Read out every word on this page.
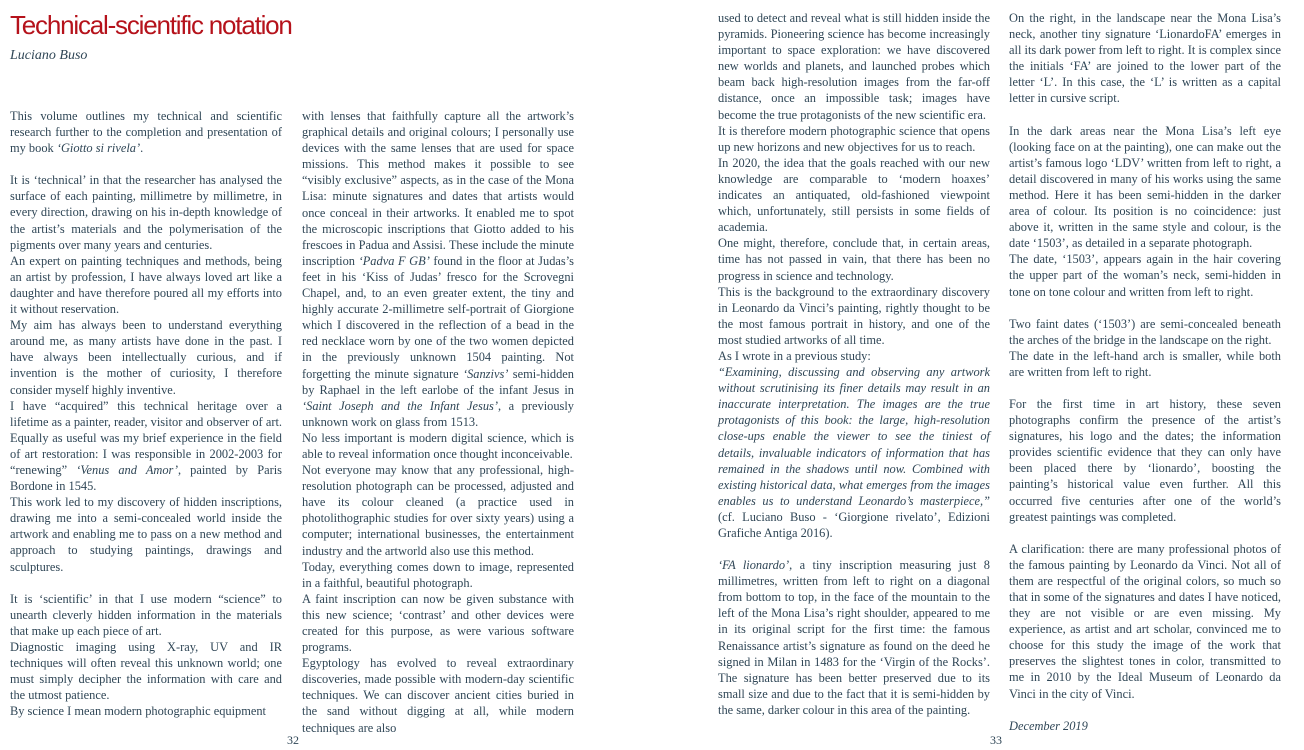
Technical-scientific notation
Luciano Buso

This volume outlines my technical and scientific research further to the completion and presentation of my book ‘Giotto si rivela’.

It is ‘technical’ in that the researcher has analysed the surface of each painting, millimetre by millimetre, in every direction, drawing on his in-depth knowledge of the artist’s materials and the polymerisation of the pigments over many years and centuries.

An expert on painting techniques and methods, being an artist by profession, I have always loved art like a daughter and have therefore poured all my efforts into it without reservation.

My aim has always been to understand everything around me, as many artists have done in the past. I have always been intellectually curious, and if invention is the mother of curiosity, I therefore consider myself highly inventive.

I have “acquired” this technical heritage over a lifetime as a painter, reader, visitor and observer of art. Equally as useful was my brief experience in the field of art restoration: I was responsible in 2002-2003 for “renewing” ‘Venus and Amor’, painted by Paris Bordone in 1545.

This work led to my discovery of hidden inscriptions, drawing me into a semi-concealed world inside the artwork and enabling me to pass on a new method and approach to studying paintings, drawings and sculptures.

It is ‘scientific’ in that I use modern “science” to unearth cleverly hidden information in the materials that make up each piece of art.

Diagnostic imaging using X-ray, UV and IR techniques will often reveal this unknown world; one must simply decipher the information with care and the utmost patience.

By science I mean modern photographic equipment

with lenses that faithfully capture all the artwork’s graphical details and original colours; I personally use devices with the same lenses that are used for space missions. This method makes it possible to see “visibly exclusive” aspects, as in the case of the Mona Lisa: minute signatures and dates that artists would once conceal in their artworks. It enabled me to spot the microscopic inscriptions that Giotto added to his frescoes in Padua and Assisi. These include the minute inscription ‘Padva F GB’ found in the floor at Judas’s feet in his ‘Kiss of Judas’ fresco for the Scrovegni Chapel, and, to an even greater extent, the tiny and highly accurate 2-millimetre self-portrait of Giorgione which I discovered in the reflection of a bead in the red necklace worn by one of the two women depicted in the previously unknown 1504 painting. Not forgetting the minute signature ‘Sanzivs’ semi-hidden by Raphael in the left earlobe of the infant Jesus in ‘Saint Joseph and the Infant Jesus’, a previously unknown work on glass from 1513.

No less important is modern digital science, which is able to reveal information once thought inconceivable.

Not everyone may know that any professional, high-resolution photograph can be processed, adjusted and have its colour cleaned (a practice used in photolithographic studies for over sixty years) using a computer; international businesses, the entertainment industry and the artworld also use this method.

Today, everything comes down to image, represented in a faithful, beautiful photograph.

A faint inscription can now be given substance with this new science; ‘contrast’ and other devices were created for this purpose, as were various software programs.

Egyptology has evolved to reveal extraordinary discoveries, made possible with modern-day scientific techniques. We can discover ancient cities buried in the sand without digging at all, while modern techniques are also

32

used to detect and reveal what is still hidden inside the pyramids. Pioneering science has become increasingly important to space exploration: we have discovered new worlds and planets, and launched probes which beam back high-resolution images from the far-off distance, once an impossible task; images have become the true protagonists of the new scientific era.

It is therefore modern photographic science that opens up new horizons and new objectives for us to reach.

In 2020, the idea that the goals reached with our new knowledge are comparable to ‘modern hoaxes’ indicates an antiquated, old-fashioned viewpoint which, unfortunately, still persists in some fields of academia.

One might, therefore, conclude that, in certain areas, time has not passed in vain, that there has been no progress in science and technology.

This is the background to the extraordinary discovery in Leonardo da Vinci’s painting, rightly thought to be the most famous portrait in history, and one of the most studied artworks of all time.

As I wrote in a previous study:

“Examining, discussing and observing any artwork without scrutinising its finer details may result in an inaccurate interpretation. The images are the true protagonists of this book: the large, high-resolution close-ups enable the viewer to see the tiniest of details, invaluable indicators of information that has remained in the shadows until now. Combined with existing historical data, what emerges from the images enables us to understand Leonardo’s masterpiece,” (cf. Luciano Buso - ‘Giorgione rivelato’, Edizioni Grafiche Antiga 2016).

‘FA lionardo’, a tiny inscription measuring just 8 millimetres, written from left to right on a diagonal from bottom to top, in the face of the mountain to the left of the Mona Lisa’s right shoulder, appeared to me in its original script for the first time: the famous Renaissance artist’s signature as found on the deed he signed in Milan in 1483 for the ‘Virgin of the Rocks’. The signature has been better preserved due to its small size and due to the fact that it is semi-hidden by the same, darker colour in this area of the painting.

On the right, in the landscape near the Mona Lisa’s neck, another tiny signature ‘LionardoFA’ emerges in all its dark power from left to right. It is complex since the initials ‘FA’ are joined to the lower part of the letter ‘L’. In this case, the ‘L’ is written as a capital letter in cursive script.

In the dark areas near the Mona Lisa’s left eye (looking face on at the painting), one can make out the artist’s famous logo ‘LDV’ written from left to right, a detail discovered in many of his works using the same method. Here it has been semi-hidden in the darker area of colour. Its position is no coincidence: just above it, written in the same style and colour, is the date ‘1503’, as detailed in a separate photograph.

The date, ‘1503’, appears again in the hair covering the upper part of the woman’s neck, semi-hidden in tone on tone colour and written from left to right.

Two faint dates (‘1503’) are semi-concealed beneath the arches of the bridge in the landscape on the right.

The date in the left-hand arch is smaller, while both are written from left to right.

For the first time in art history, these seven photographs confirm the presence of the artist’s signatures, his logo and the dates; the information provides scientific evidence that they can only have been placed there by ‘lionardo’, boosting the painting’s historical value even further. All this occurred five centuries after one of the world’s greatest paintings was completed.

A clarification: there are many professional photos of the famous painting by Leonardo da Vinci. Not all of them are respectful of the original colors, so much so that in some of the signatures and dates I have noticed, they are not visible or are even missing. My experience, as artist and art scholar, convinced me to choose for this study the image of the work that preserves the slightest tones in color, transmitted to me in 2010 by the Ideal Museum of Leonardo da Vinci in the city of Vinci.

December 2019

33
